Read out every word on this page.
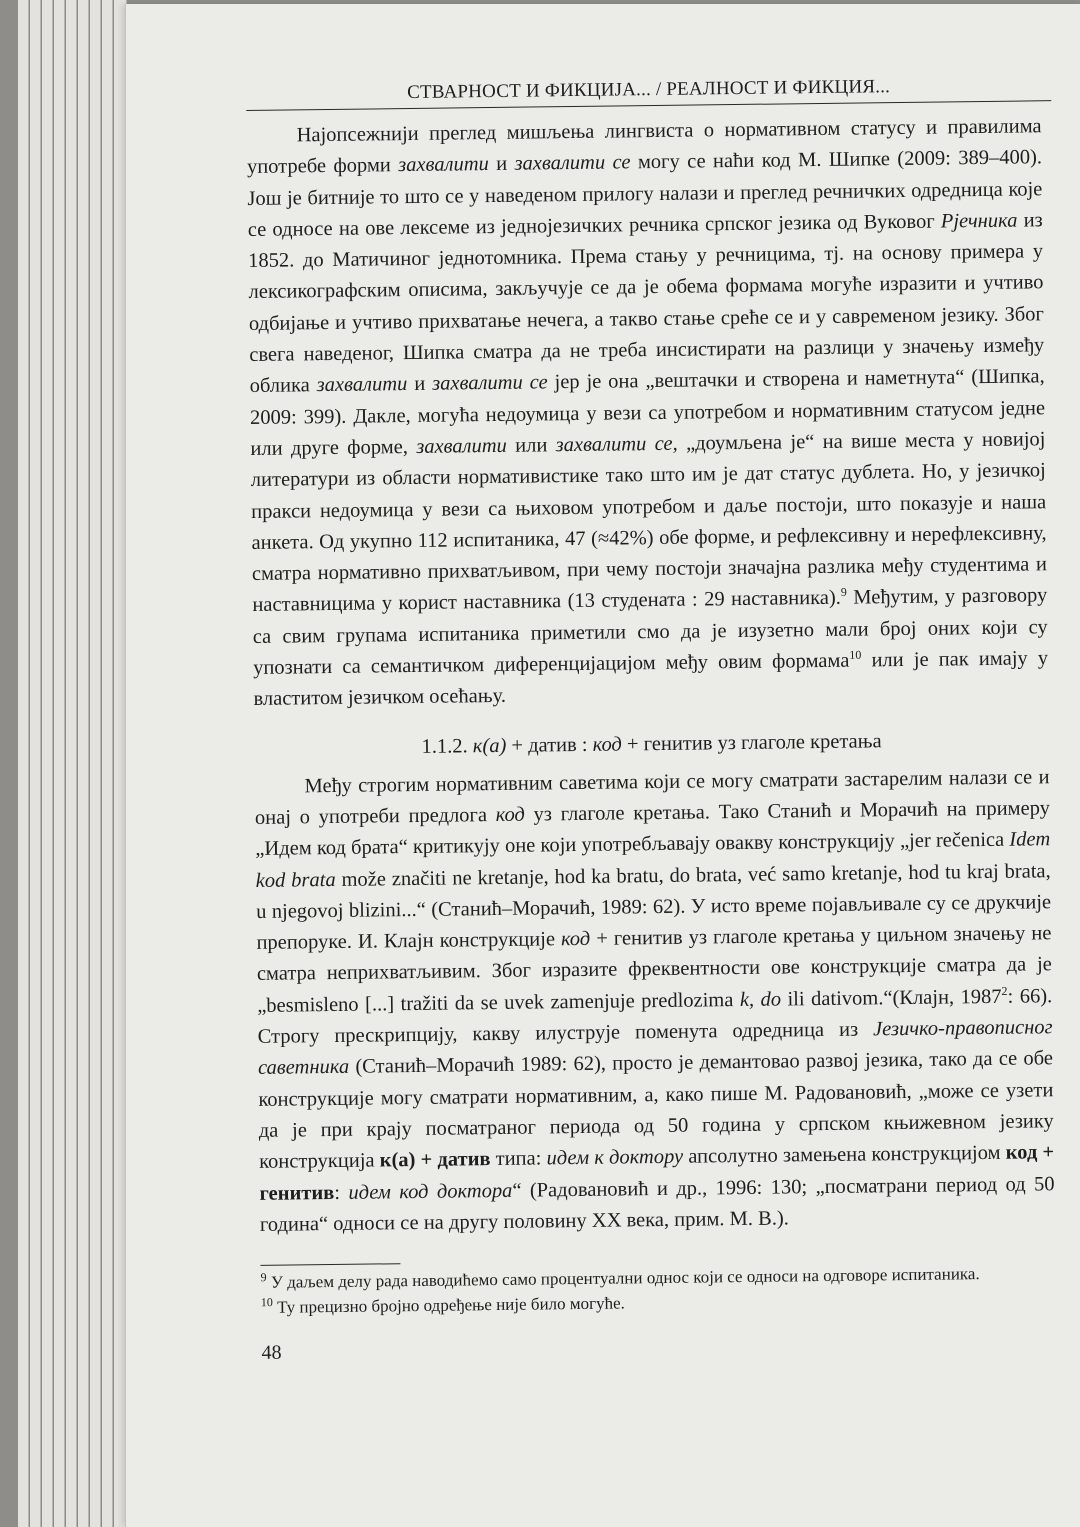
СТВАРНОСТ И ФИКЦИЈА... / РЕАЛНОСТ И ФИКЦИЯ...

Најопсежнији преглед мишљења лингвиста о нормативном статусу и правилима употребе форми захвалити и захвалити се могу се наћи код М. Шипке (2009: 389–400). Још је битније то што се у наведеном прилогу налази и преглед речничких одредница које се односе на ове лексеме из једнојезичких речника српског језика од Вуковог Рјечника из 1852. до Матичиног једнотомника. Према стању у речницима, тј. на основу примера у лексикографским описима, закључује се да је обема формама могуће изразити и учтиво одбијање и учтиво прихватање нечега, а такво стање среће се и у савременом језику. Због свега наведеног, Шипка сматра да не треба инсистирати на разлици у значењу између облика захвалити и захвалити се јер је она „вештачки и створена и наметнута“ (Шипка, 2009: 399). Дакле, могућа недоумица у вези са употребом и нормативним статусом једне или друге форме, захвалити или захвалити се, „доумљена је“ на више места у новијој литератури из области нормативистике тако што им је дат статус дублета. Но, у језичкој пракси недоумица у вези са њиховом употребом и даље постоји, што показује и наша анкета. Од укупно 112 испитаника, 47 (≈42%) обе форме, и рефлексивну и нерефлексивну, сматра нормативно прихватљивом, при чему постоји значајна разлика међу студентима и наставницима у корист наставника (13 студената : 29 наставника).$^9$ Међутим, у разговору са свим групама испитаника приметили смо да је изузетно мали број оних који су упознати са семантичком диференцијацијом међу овим формама$^{10}$ или је пак имају у властитом језичком осећању.

1.1.2. к(а) + датив : код + генитив уз глаголе кретања

Међу строгим нормативним саветима који се могу сматрати застарелим налази се и онај о употреби предлога код уз глаголе кретања. Тако Станић и Морачић на примеру „Идем код брата“ критикују оне који употребљавају овакву конструкцију „jer rečenica Idem kod brata može značiti ne kretanje, hod ka bratu, do brata, već samo kretanje, hod tu kraj brata, u njegovoj blizini...“ (Станић–Морачић, 1989: 62). У исто време појављивале су се друкчије препоруке. И. Клајн конструкције код + генитив уз глаголе кретања у циљном значењу не сматра неприхватљивим. Због изразите фреквентности ове конструкције сматра да је „besmisleno [...] tražiti da se uvek zamenjuje predlozima k, do ili dativom.“(Клајн, 1987$^2$: 66). Строгу прескрипцију, какву илуструје поменута одредница из Језичко-правописног саветника (Станић–Морачић 1989: 62), просто је демантовао развој језика, тако да се обе конструкције могу сматрати нормативним, а, како пише М. Радовановић, „може се узети да је при крају посматраног периода од 50 година у српском књижевном језику конструкција к(а) + датив типа: идем к доктору апсолутно замењена конструкцијом код + генитив: идем код доктора“ (Радовановић и др., 1996: 130; „посматрани период од 50 година“ односи се на другу половину XX века, прим. М. В.).

$^9$ У даљем делу рада наводићемо само процентуални однос који се односи на одговоре испитаника.

$^{10}$ Ту прецизно бројно одређење није било могуће.

48
